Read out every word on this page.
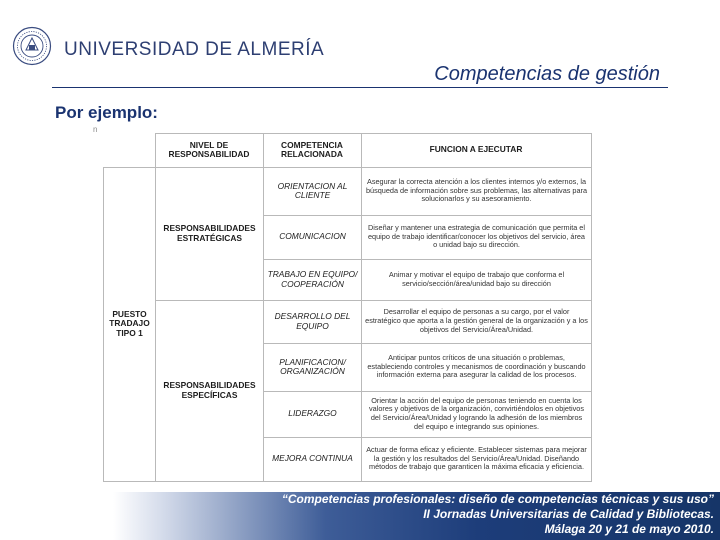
UNIVERSIDAD DE ALMERÍA
Competencias de gestión
Por ejemplo:
n
NIVEL DE RESPONSABILIDAD
COMPETENCIA RELACIONADA	FUNCION A EJECUTAR
PUESTO TRADAJO TIPO 1
RESPONSABILIDADES ESTRATÉGICAS
RESPONSABILIDADES ESPECÍFICAS
ORIENTACION AL CLIENTE
COMUNICACION
TRABAJO EN EQUIPO/ COOPERACIÓN
DESARROLLO DEL EQUIPO
PLANIFICACION/ ORGANIZACIÓN
LIDERAZGO
MEJORA CONTINUA
Asegurar la correcta atención a los clientes internos y/o externos, la búsqueda de información sobre sus problemas, las alternativas para solucionarlos y su asesoramiento.
Diseñar y mantener una estrategia de comunicación que permita el equipo de trabajo identificar/conocer los objetivos del servicio, área o unidad bajo su dirección.
Animar y motivar el equipo de trabajo que conforma el servicio/sección/área/unidad bajo su dirección
Desarrollar el equipo de personas a su cargo, por el valor estratégico que aporta a la gestión general de la organización y a los objetivos del Servicio/Área/Unidad.
Anticipar puntos críticos de una situación o problemas, estableciendo controles y mecanismos de coordinación y buscando información externa para asegurar la calidad de los procesos.
Orientar la acción del equipo de personas teniendo en cuenta los valores y objetivos de la organización, convirtiéndolos en objetivos del Servicio/Área/Unidad y logrando la adhesión de los miembros del equipo e integrando sus opiniones.
Actuar de forma eficaz y eficiente. Establecer sistemas para mejorar la gestión y los resultados del Servicio/Área/Unidad. Diseñando métodos de trabajo que garanticen la máxima eficacia y eficiencia.
“Competencias profesionales: diseño de competencias técnicas y sus uso”
II Jornadas Universitarias de Calidad y Bibliotecas.
Málaga 20 y 21 de mayo 2010.
